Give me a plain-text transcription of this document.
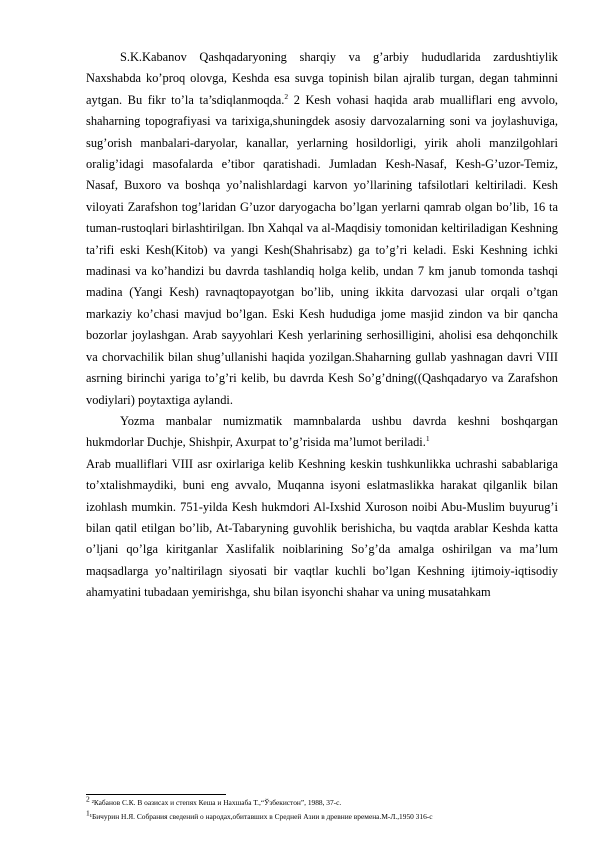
S.K.Kabanov Qashqadaryoning sharqiy va g’arbiy hududlarida zardushtiylik Naxshabda ko’proq olovga, Keshda esa suvga topinish bilan ajralib turgan, degan tahminni aytgan. Bu fikr to’la ta’sdiqlanmoqda.$^2$ 2 Kesh vohasi haqida arab mualliflari eng avvolo, shaharning topografiyasi va tarixiga,shuningdek asosiy darvozalarning soni va joylashuviga, sug’orish manbalari-daryolar, kanallar, yerlarning hosildorligi, yirik aholi manzilgohlari oralig’idagi masofalarda e’tibor qaratishadi. Jumladan Kesh-Nasaf, Kesh-G’uzor-Temiz, Nasaf, Buxoro va boshqa yo’nalishlardagi karvon yo’llarining tafsilotlari keltiriladi. Kesh viloyati Zarafshon tog’laridan G’uzor daryogacha bo’lgan yerlarni qamrab olgan bo’lib, 16 ta tuman-rustoqlari birlashtirilgan. Ibn Xahqal va al-Maqdisiy tomonidan keltiriladigan Keshning ta’rifi eski Kesh(Kitob) va yangi Kesh(Shahrisabz) ga to’g’ri keladi. Eski Keshning ichki madinasi va ko’handizi bu davrda tashlandiq holga kelib, undan 7 km janub tomonda tashqi madina (Yangi Kesh) ravnaqtopayotgan bo’lib, uning ikkita darvozasi ular orqali o’tgan markaziy ko’chasi mavjud bo’lgan. Eski Kesh hududiga jome masjid zindon va bir qancha bozorlar joylashgan. Arab sayyohlari Kesh yerlarining serhosilligini, aholisi esa dehqonchilk va chorvachilik bilan shug’ullanishi haqida yozilgan.Shaharning gullab yashnagan davri VIII asrning birinchi yariga to’g’ri kelib, bu davrda Kesh So’g’dning((Qashqadaryo va Zarafshon vodiylari) poytaxtiga aylandi.

Yozma manbalar numizmatik mamnbalarda ushbu davrda keshni boshqargan hukmdorlar Duchje, Shishpir, Axurpat to’g’risida ma’lumot beriladi.$^1$

Arab mualliflari VIII asr oxirlariga kelib Keshning keskin tushkunlikka uchrashi sabablariga to’xtalishmaydiki, buni eng avvalo, Muqanna isyoni eslatmaslikka harakat qilganlik bilan izohlash mumkin. 751-yilda Kesh hukmdori Al-Ixshid Xuroson noibi Abu-Muslim buyurug’i bilan qatil etilgan bo’lib, At-Tabaryning guvohlik berishicha, bu vaqtda arablar Keshda katta o’ljani qo’lga kiritganlar Xaslifalik noiblarining So’g’da amalga oshirilgan va ma’lum maqsadlarga yo’naltirilagn siyosati bir vaqtlar kuchli bo’lgan Keshning ijtimoiy-iqtisodiy ahamyatini tubadaan yemirishga, shu bilan isyonchi shahar va uning musatahkam

$^2$ ²Кабанов С.К. В оазисах и степях Кеша и Нахшаба Т.,“Ўзбекистон”, 1988, 37-с.
$^1$¹Бичурин Н.Я. Собрания сведений о народах,обитавших в Средней Азии в древние времена.М-Л.,1950 316-с
